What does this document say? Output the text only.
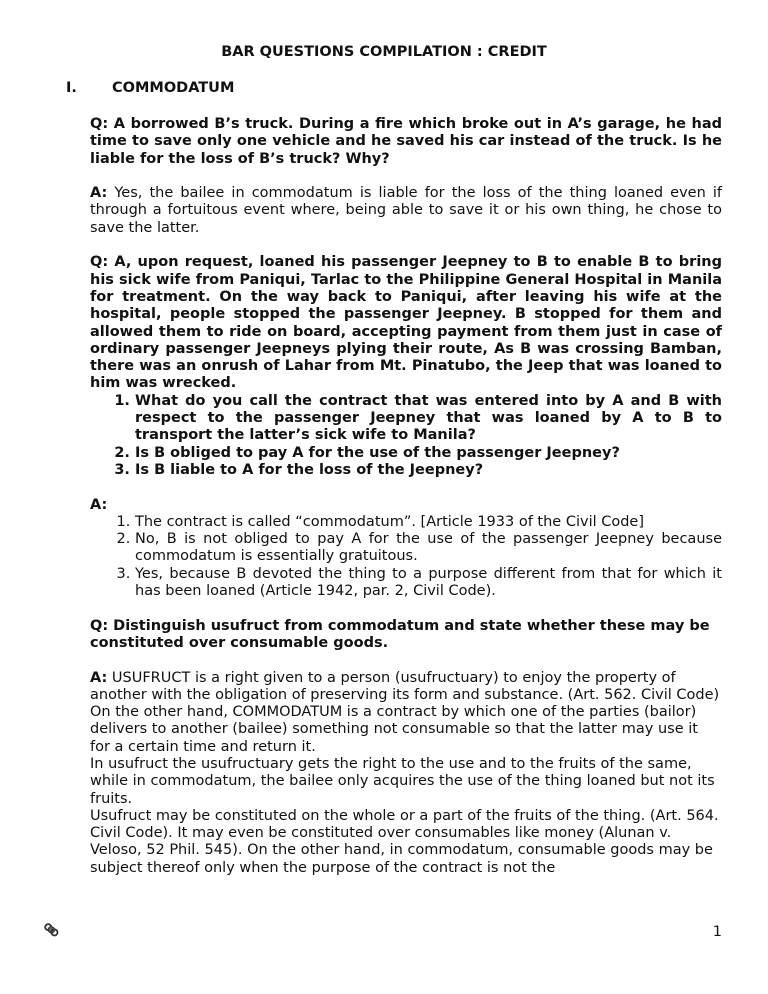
BAR QUESTIONS COMPILATION : CREDIT
I. COMMODATUM

Q: A borrowed B’s truck. During a fire which broke out in A’s garage, he had time to save only one vehicle and he saved his car instead of the truck. Is he liable for the loss of B’s truck? Why?

A: Yes, the bailee in commodatum is liable for the loss of the thing loaned even if through a fortuitous event where, being able to save it or his own thing, he chose to save the latter.

Q: A, upon request, loaned his passenger Jeepney to B to enable B to bring his sick wife from Paniqui, Tarlac to the Philippine General Hospital in Manila for treatment. On the way back to Paniqui, after leaving his wife at the hospital, people stopped the passenger Jeepney. B stopped for them and allowed them to ride on board, accepting payment from them just in case of ordinary passenger Jeepneys plying their route, As B was crossing Bamban, there was an onrush of Lahar from Mt. Pinatubo, the Jeep that was loaned to him was wrecked.
1. What do you call the contract that was entered into by A and B with respect to the passenger Jeepney that was loaned by A to B to transport the latter’s sick wife to Manila?
2. Is B obliged to pay A for the use of the passenger Jeepney?
3. Is B liable to A for the loss of the Jeepney?
A:
1. The contract is called “commodatum”. [Article 1933 of the Civil Code]
2. No, B is not obliged to pay A for the use of the passenger Jeepney because commodatum is essentially gratuitous.
3. Yes, because B devoted the thing to a purpose different from that for which it has been loaned (Article 1942, par. 2, Civil Code).

Q: Distinguish usufruct from commodatum and state whether these may be constituted over consumable goods.

A: USUFRUCT is a right given to a person (usufructuary) to enjoy the property of another with the obligation of preserving its form and substance. (Art. 562. Civil Code)

On the other hand, COMMODATUM is a contract by which one of the parties (bailor) delivers to another (bailee) something not consumable so that the latter may use it for a certain time and return it.

In usufruct the usufructuary gets the right to the use and to the fruits of the same, while in commodatum, the bailee only acquires the use of the thing loaned but not its fruits.

Usufruct may be constituted on the whole or a part of the fruits of the thing. (Art. 564. Civil Code). It may even be constituted over consumables like money (Alunan v. Veloso, 52 Phil. 545). On the other hand, in commodatum, consumable goods may be subject thereof only when the purpose of the contract is not the

1
